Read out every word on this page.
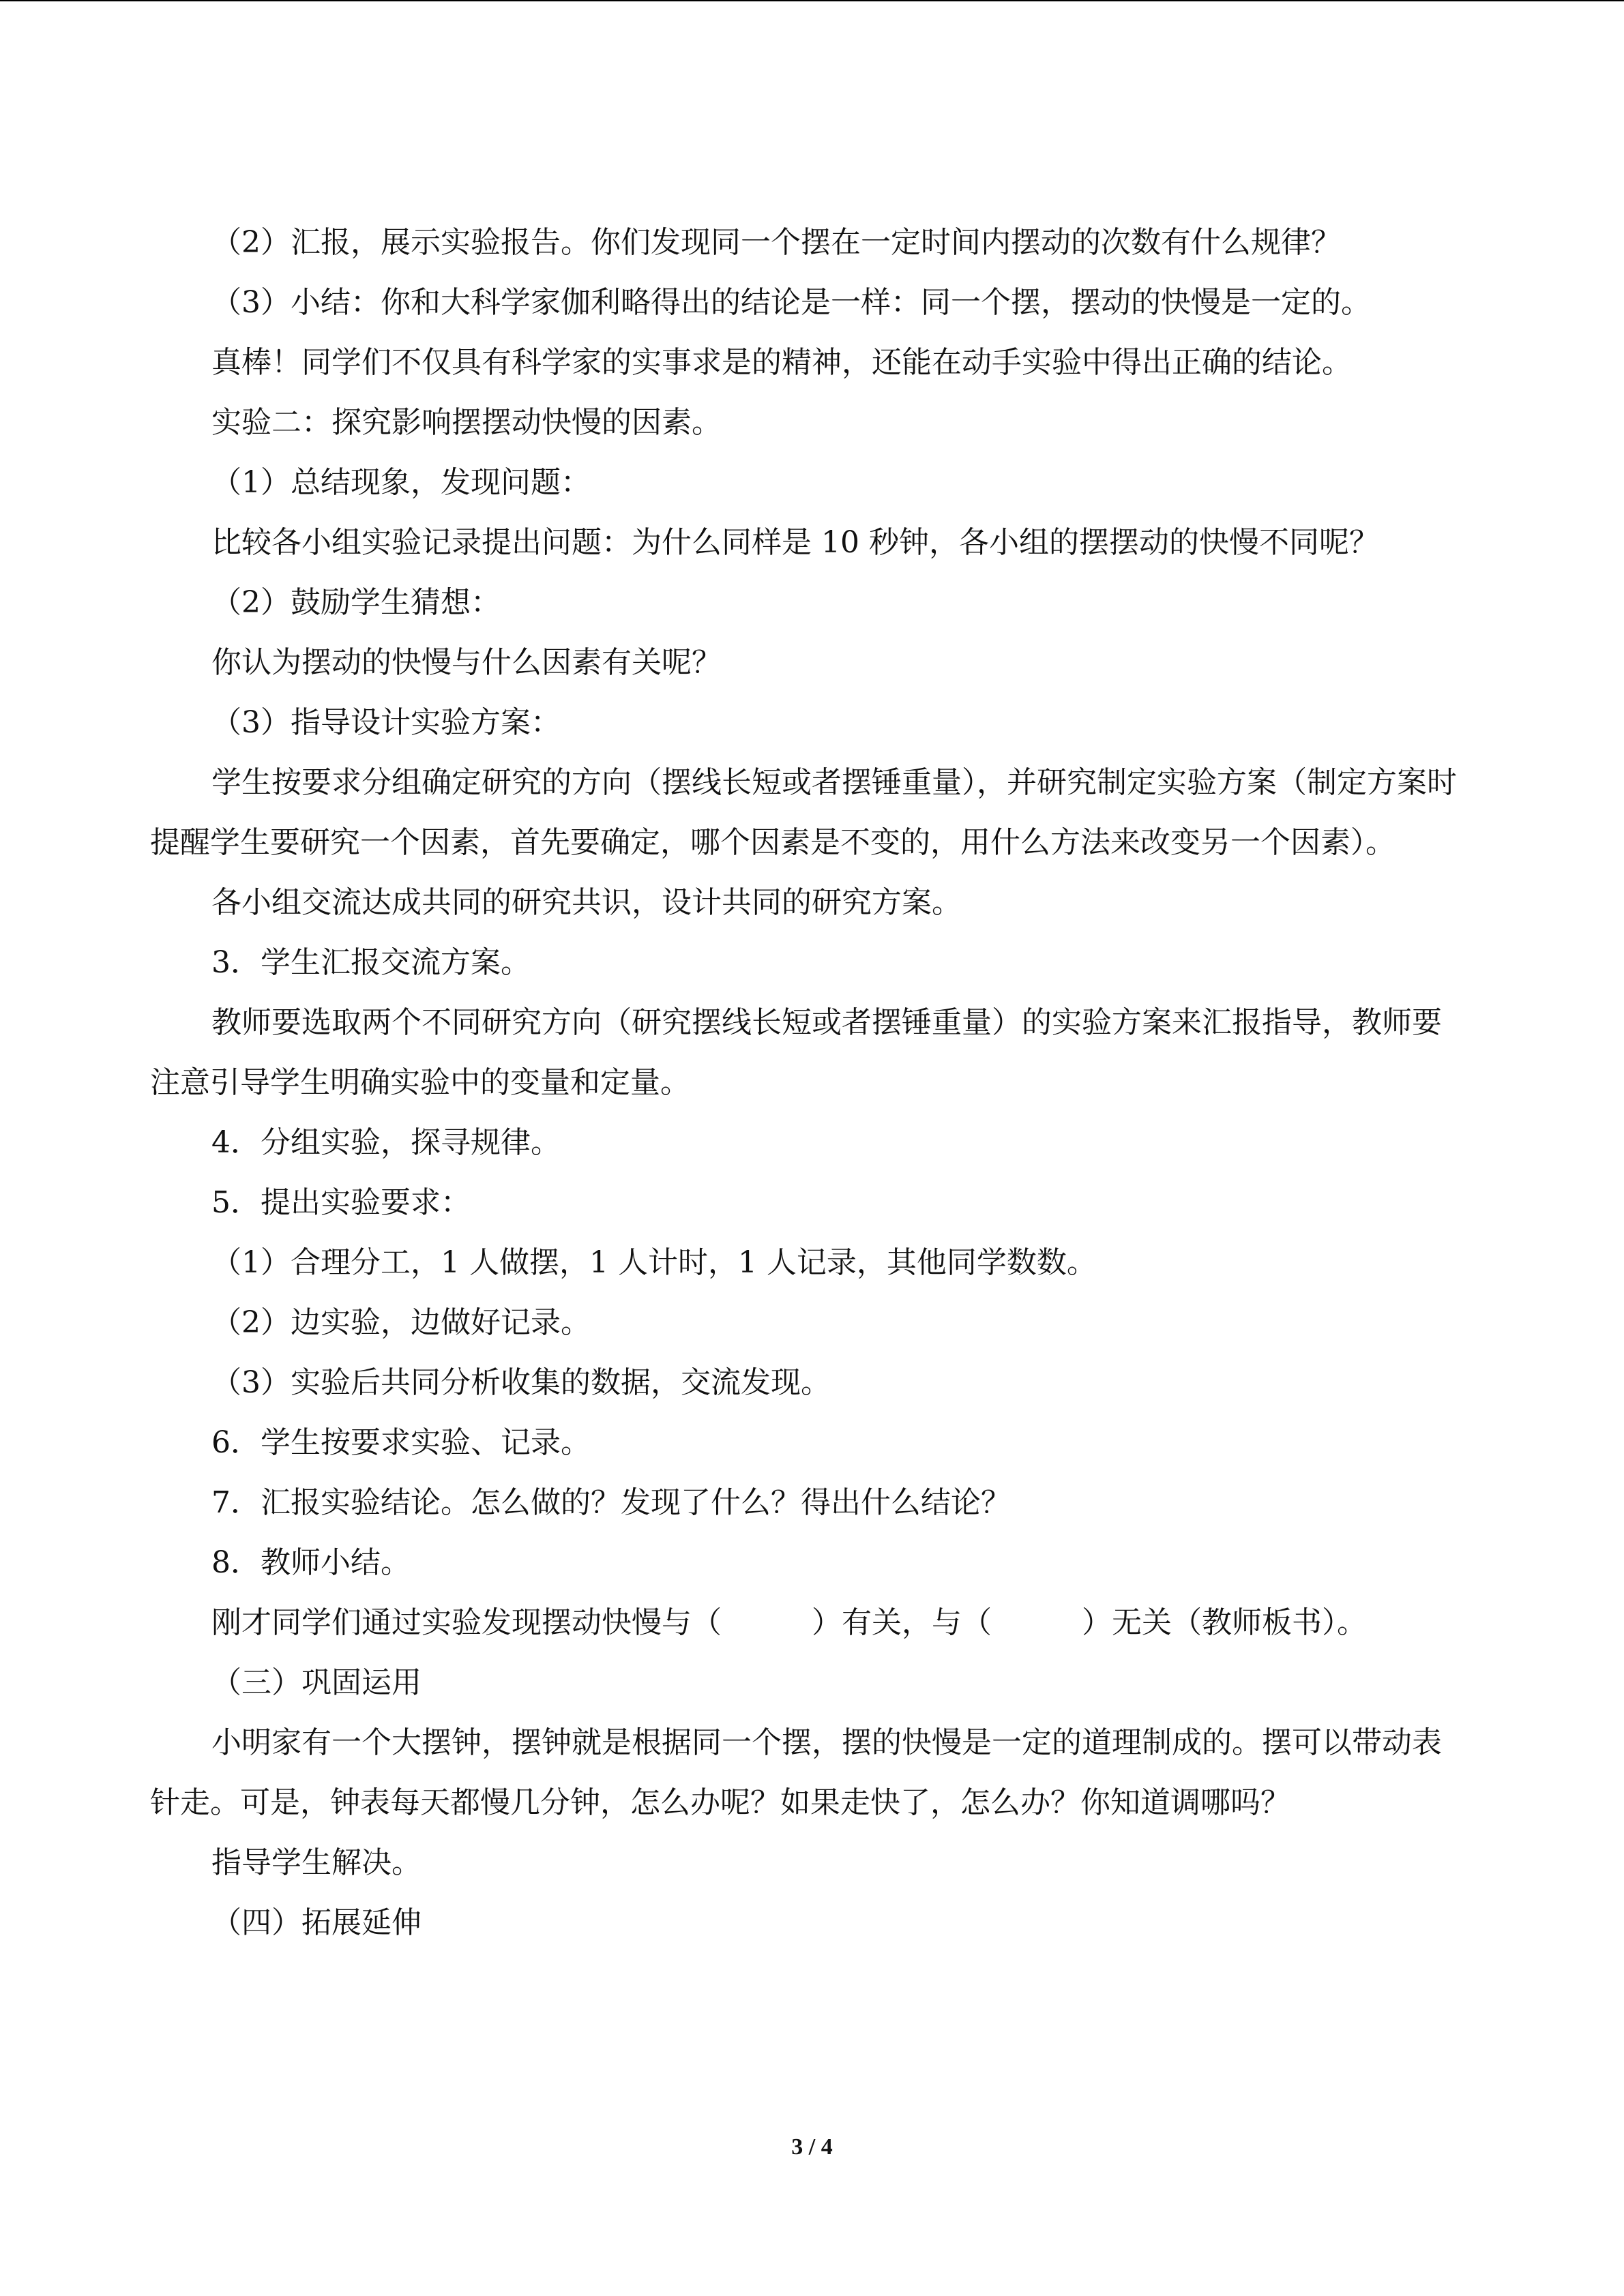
（2）汇报，展示实验报告。你们发现同一个摆在一定时间内摆动的次数有什么规律？

（3）小结：你和大科学家伽利略得出的结论是一样：同一个摆，摆动的快慢是一定的。

真棒！同学们不仅具有科学家的实事求是的精神，还能在动手实验中得出正确的结论。

实验二：探究影响摆摆动快慢的因素。

（1）总结现象，发现问题：

比较各小组实验记录提出问题：为什么同样是 10 秒钟，各小组的摆摆动的快慢不同呢？

（2）鼓励学生猜想：

你认为摆动的快慢与什么因素有关呢？

（3）指导设计实验方案：

学生按要求分组确定研究的方向（摆线长短或者摆锤重量），并研究制定实验方案（制定方案时提醒学生要研究一个因素，首先要确定，哪个因素是不变的，用什么方法来改变另一个因素）。

各小组交流达成共同的研究共识，设计共同的研究方案。

3．学生汇报交流方案。

教师要选取两个不同研究方向（研究摆线长短或者摆锤重量）的实验方案来汇报指导，教师要注意引导学生明确实验中的变量和定量。

4．分组实验，探寻规律。

5．提出实验要求：

（1）合理分工，1 人做摆，1 人计时，1 人记录，其他同学数数。

（2）边实验，边做好记录。

（3）实验后共同分析收集的数据，交流发现。

6．学生按要求实验、记录。

7．汇报实验结论。怎么做的？发现了什么？得出什么结论？

8．教师小结。

刚才同学们通过实验发现摆动快慢与（　　　）有关，与（　　　）无关（教师板书）。

（三）巩固运用

小明家有一个大摆钟，摆钟就是根据同一个摆，摆的快慢是一定的道理制成的。摆可以带动表针走。可是，钟表每天都慢几分钟，怎么办呢？如果走快了，怎么办？你知道调哪吗？

指导学生解决。

（四）拓展延伸

3 / 4
